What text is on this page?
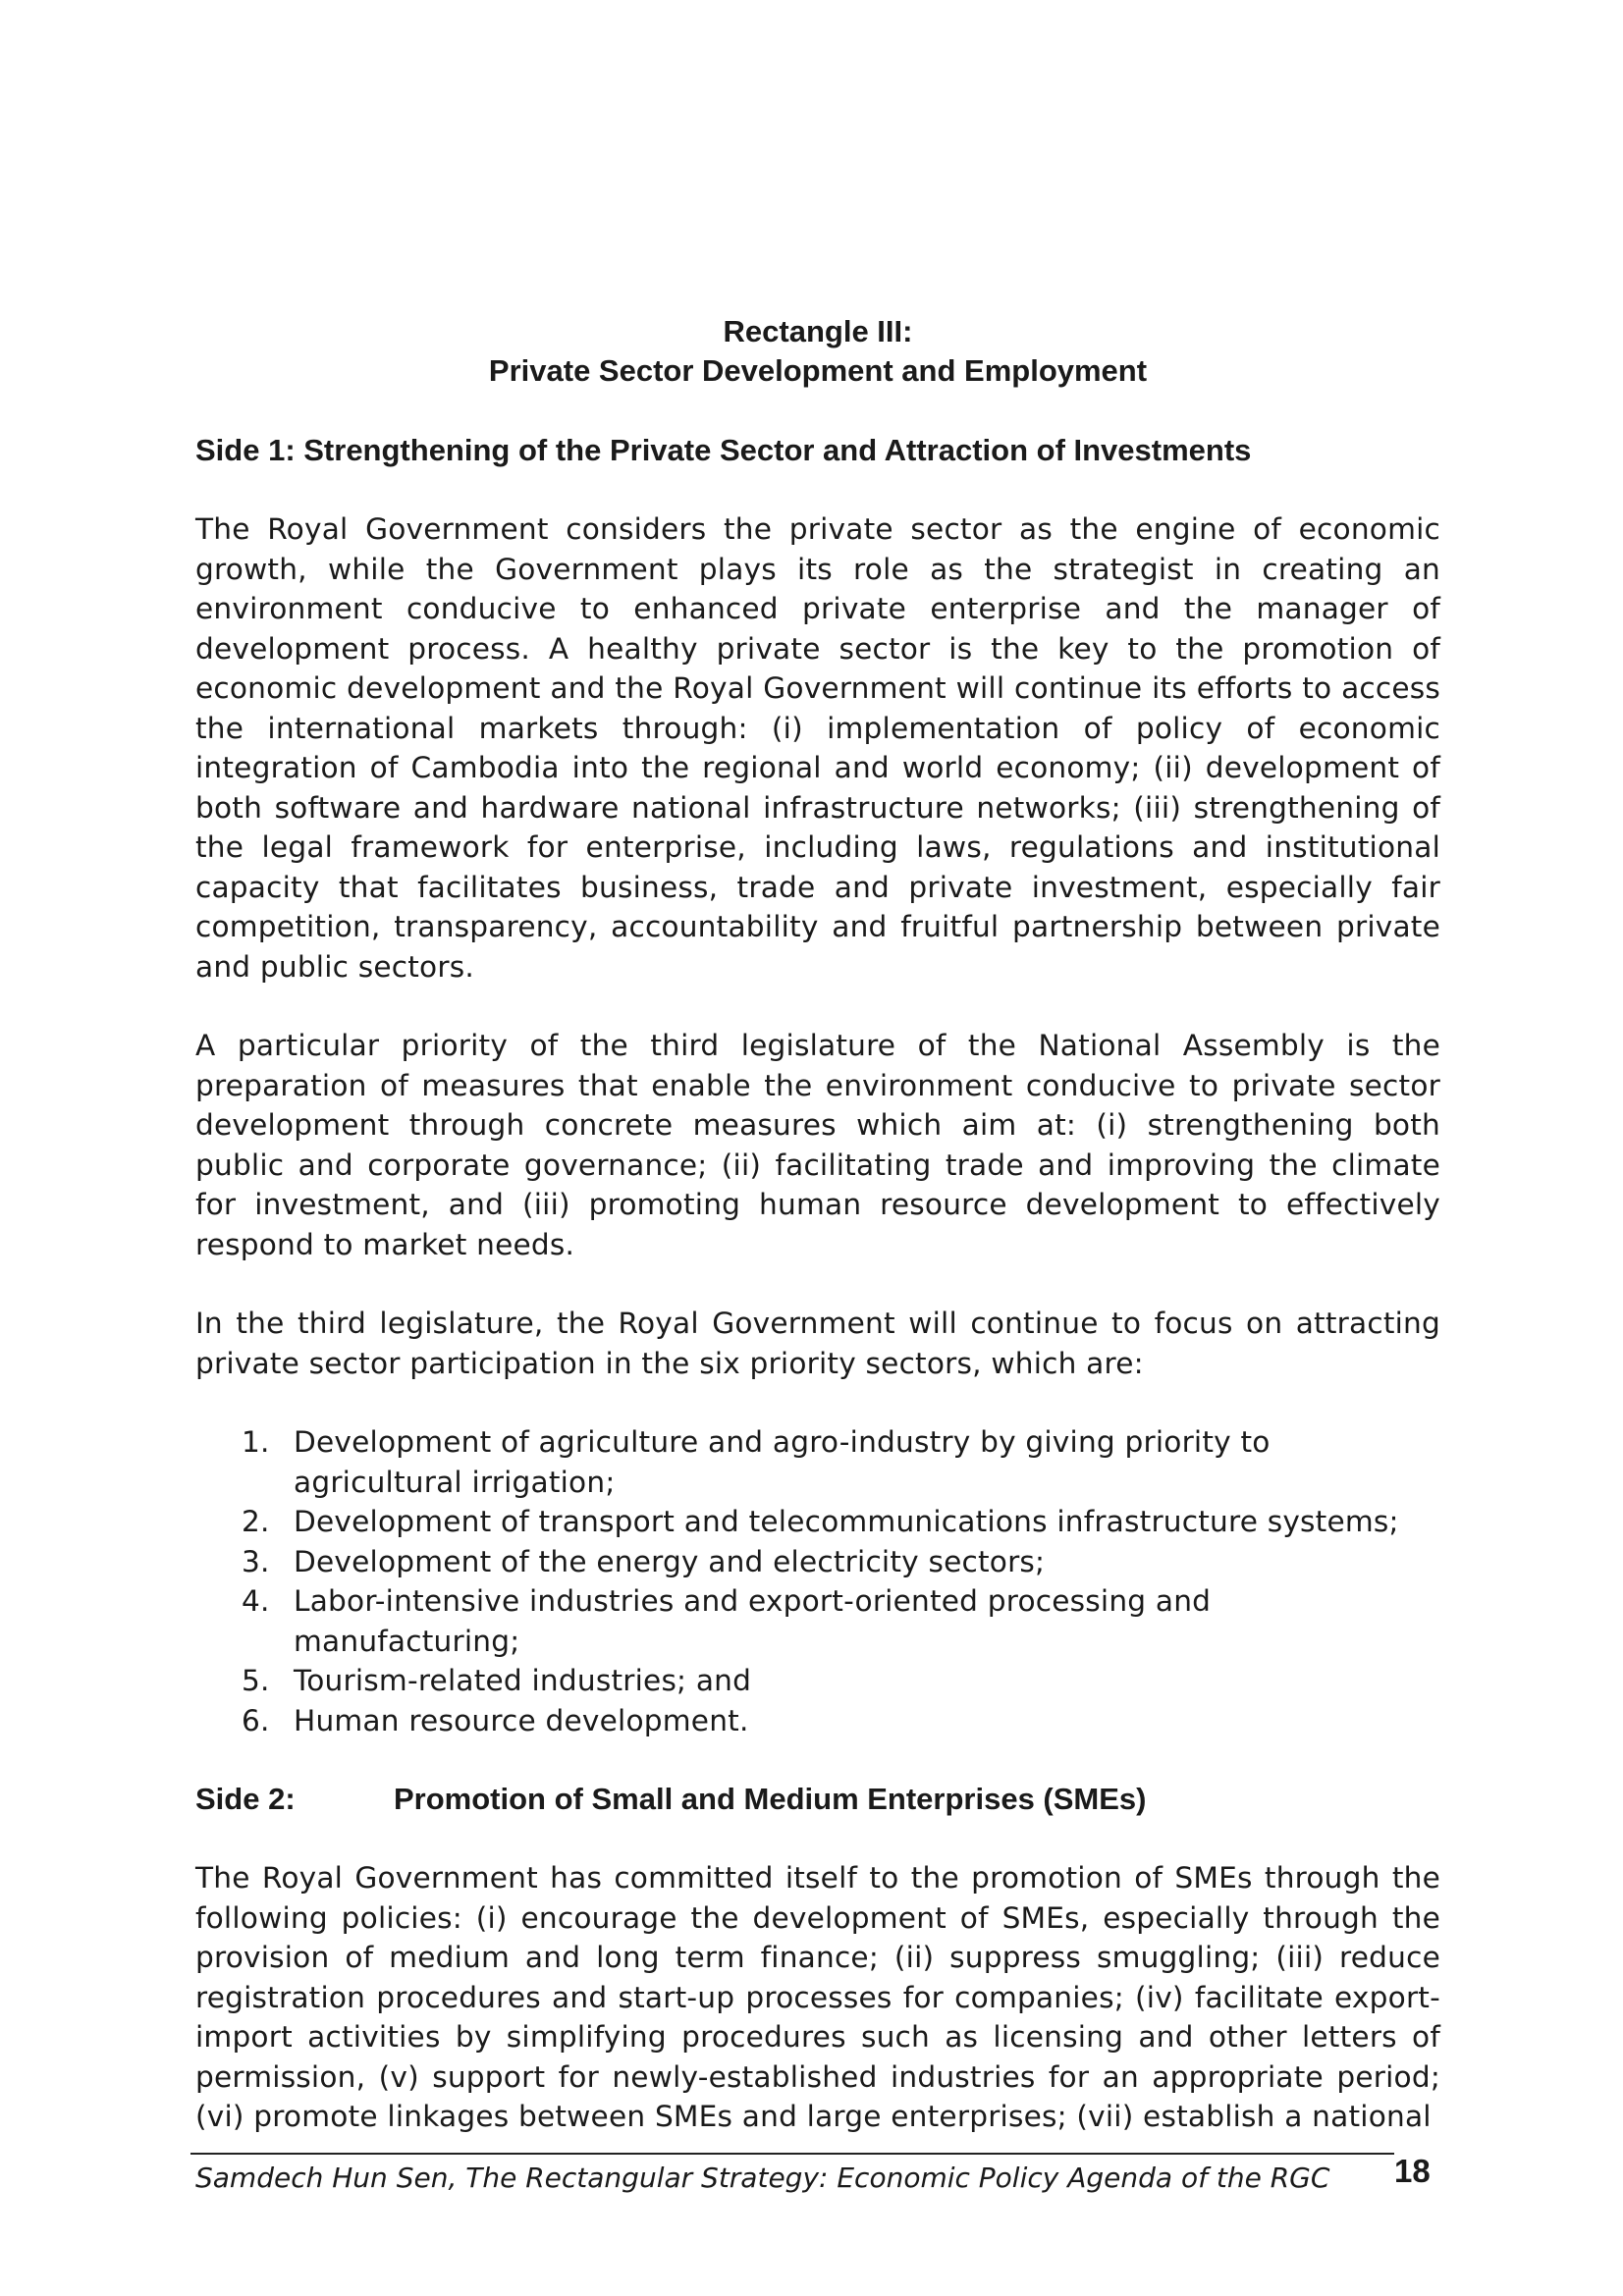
Rectangle III:

Private Sector Development and Employment

Side 1: Strengthening of the Private Sector and Attraction of Investments

The Royal Government considers the private sector as the engine of economic growth, while the Government plays its role as the strategist in creating an environment conducive to enhanced private enterprise and the manager of development process. A healthy private sector is the key to the promotion of economic development and the Royal Government will continue its efforts to access the international markets through: (i) implementation of policy of economic integration of Cambodia into the regional and world economy; (ii) development of both software and hardware national infrastructure networks; (iii) strengthening of the legal framework for enterprise, including laws, regulations and institutional capacity that facilitates business, trade and private investment, especially fair competition, transparency, accountability and fruitful partnership between private and public sectors.

A particular priority of the third legislature of the National Assembly is the preparation of measures that enable the environment conducive to private sector development through concrete measures which aim at: (i) strengthening both public and corporate governance; (ii) facilitating trade and improving the climate for investment, and (iii) promoting human resource development to effectively respond to market needs.

In the third legislature, the Royal Government will continue to focus on attracting private sector participation in the six priority sectors, which are:

1. Development of agriculture and agro-industry by giving priority to agricultural irrigation;
2. Development of transport and telecommunications infrastructure systems;
3. Development of the energy and electricity sectors;
4. Labor-intensive industries and export-oriented processing and manufacturing;
5. Tourism-related industries; and
6. Human resource development.

Side 2:	Promotion of Small and Medium Enterprises (SMEs)

The Royal Government has committed itself to the promotion of SMEs through the following policies: (i) encourage the development of SMEs, especially through the provision of medium and long term finance; (ii) suppress smuggling; (iii) reduce registration procedures and start-up processes for companies; (iv) facilitate export-import activities by simplifying procedures such as licensing and other letters of permission, (v) support for newly-established industries for an appropriate period; (vi) promote linkages between SMEs and large enterprises; (vii) establish a national

Samdech Hun Sen, The Rectangular Strategy: Economic Policy Agenda of the RGC 18
